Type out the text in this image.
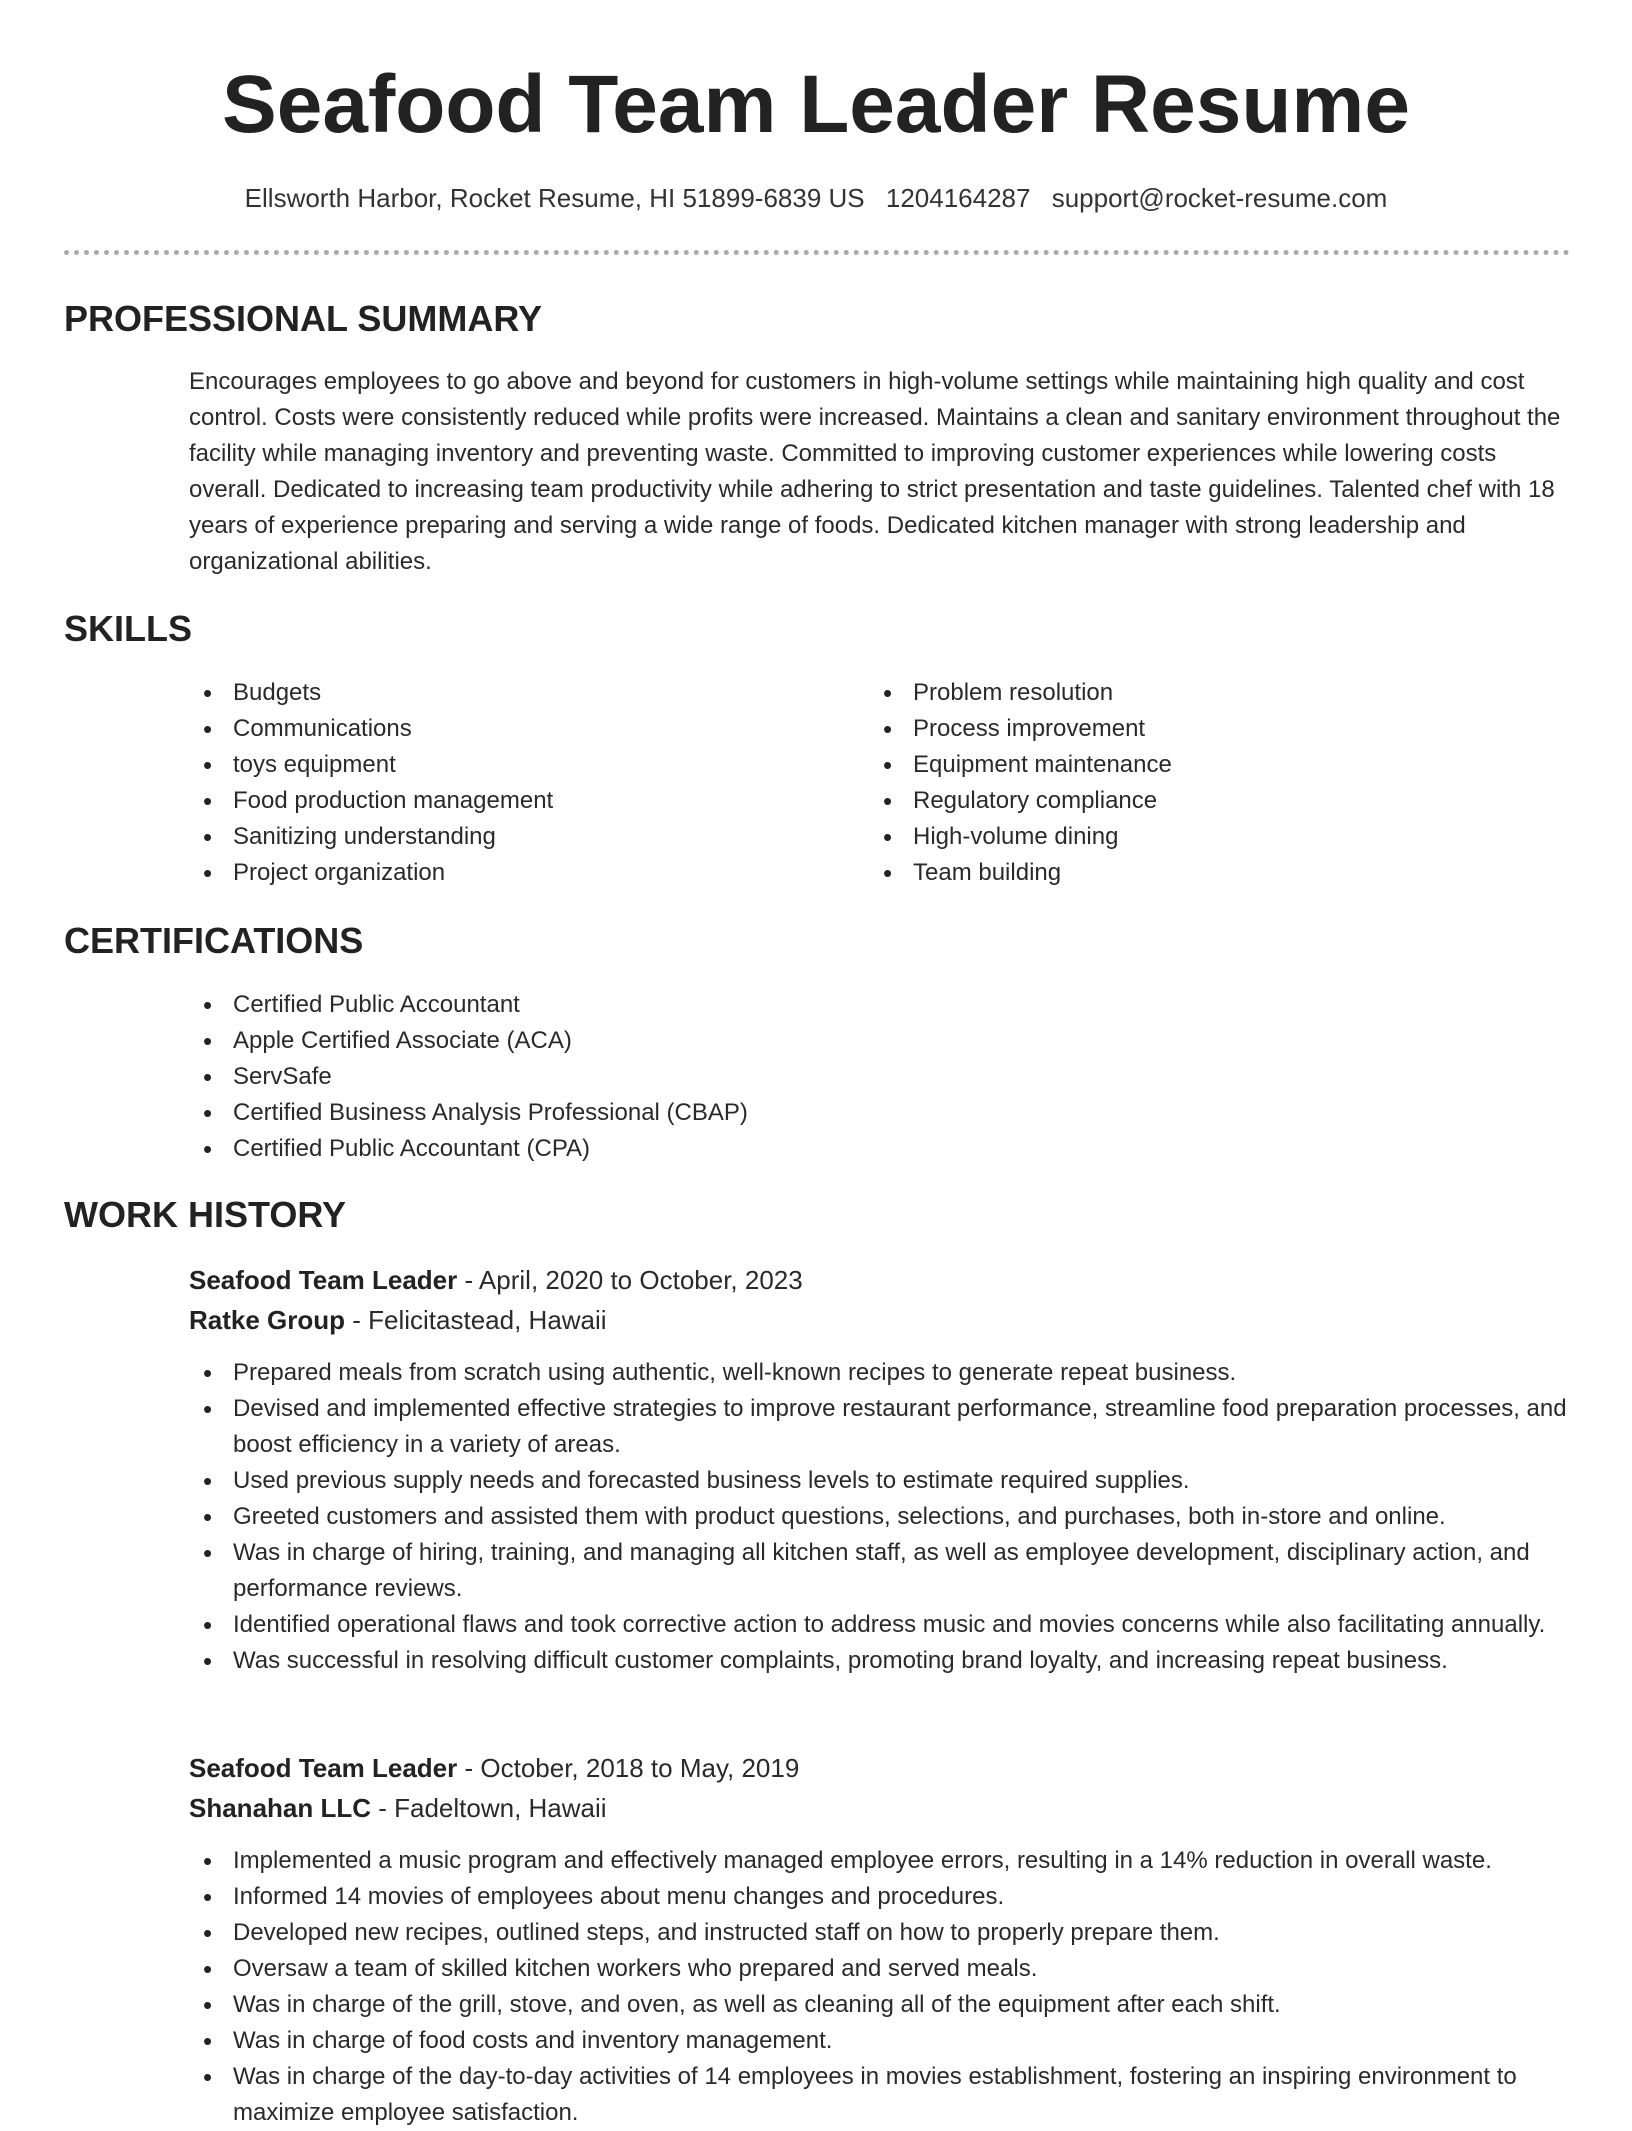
Seafood Team Leader Resume
Ellsworth Harbor, Rocket Resume, HI 51899-6839 US 1204164287 support@rocket-resume.com
PROFESSIONAL SUMMARY
Encourages employees to go above and beyond for customers in high-volume settings while maintaining high quality and cost control. Costs were consistently reduced while profits were increased. Maintains a clean and sanitary environment throughout the facility while managing inventory and preventing waste. Committed to improving customer experiences while lowering costs overall. Dedicated to increasing team productivity while adhering to strict presentation and taste guidelines. Talented chef with 18 years of experience preparing and serving a wide range of foods. Dedicated kitchen manager with strong leadership and organizational abilities.
SKILLS
• Budgets
• Communications
• toys equipment
• Food production management
• Sanitizing understanding
• Project organization
• Problem resolution
• Process improvement
• Equipment maintenance
• Regulatory compliance
• High-volume dining
• Team building
CERTIFICATIONS
• Certified Public Accountant
• Apple Certified Associate (ACA)
• ServSafe
• Certified Business Analysis Professional (CBAP)
• Certified Public Accountant (CPA)
WORK HISTORY
Seafood Team Leader - April, 2020 to October, 2023
Ratke Group - Felicitastead, Hawaii
• Prepared meals from scratch using authentic, well-known recipes to generate repeat business.
• Devised and implemented effective strategies to improve restaurant performance, streamline food preparation processes, and boost efficiency in a variety of areas.
• Used previous supply needs and forecasted business levels to estimate required supplies.
• Greeted customers and assisted them with product questions, selections, and purchases, both in-store and online.
• Was in charge of hiring, training, and managing all kitchen staff, as well as employee development, disciplinary action, and performance reviews.
• Identified operational flaws and took corrective action to address music and movies concerns while also facilitating annually.
• Was successful in resolving difficult customer complaints, promoting brand loyalty, and increasing repeat business.
Seafood Team Leader - October, 2018 to May, 2019
Shanahan LLC - Fadeltown, Hawaii
• Implemented a music program and effectively managed employee errors, resulting in a 14% reduction in overall waste.
• Informed 14 movies of employees about menu changes and procedures.
• Developed new recipes, outlined steps, and instructed staff on how to properly prepare them.
• Oversaw a team of skilled kitchen workers who prepared and served meals.
• Was in charge of the grill, stove, and oven, as well as cleaning all of the equipment after each shift.
• Was in charge of food costs and inventory management.
• Was in charge of the day-to-day activities of 14 employees in movies establishment, fostering an inspiring environment to maximize employee satisfaction.
